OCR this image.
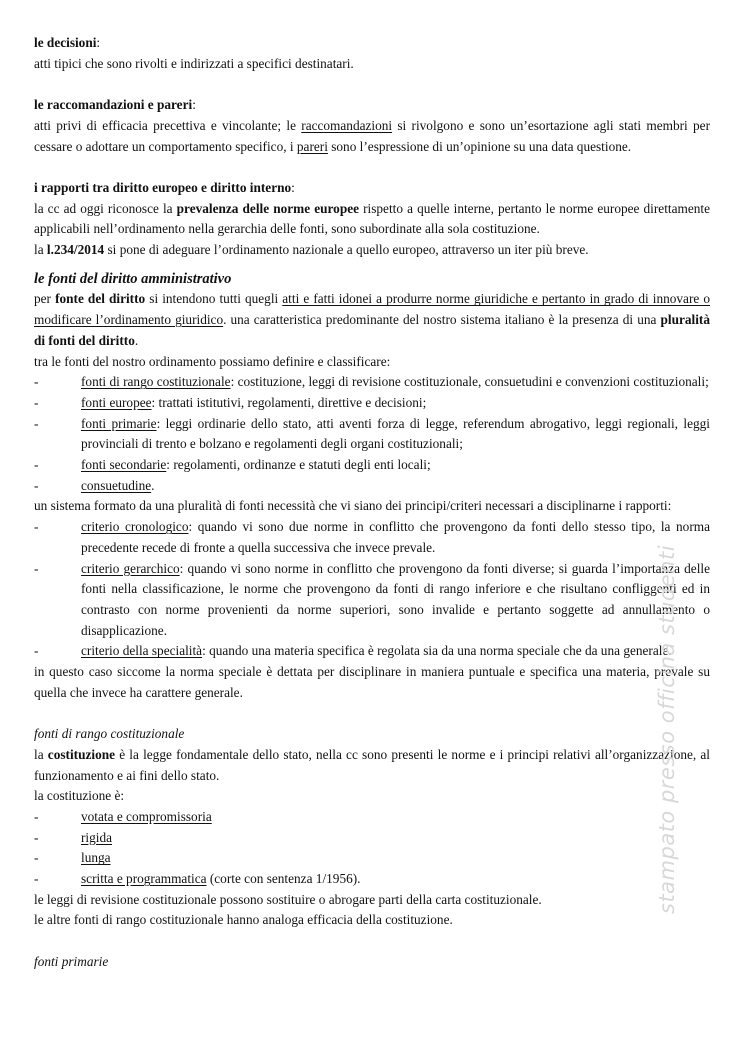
le decisioni:

atti tipici che sono rivolti e indirizzati a specifici destinatari.

le raccomandazioni e pareri:

atti privi di efficacia precettiva e vincolante; le raccomandazioni si rivolgono e sono un’esortazione agli stati membri per cessare o adottare un comportamento specifico, i pareri sono l’espressione di un’opinione su una data questione.

i rapporti tra diritto europeo e diritto interno:

la cc ad oggi riconosce la prevalenza delle norme europee rispetto a quelle interne, pertanto le norme europee direttamente applicabili nell’ordinamento nella gerarchia delle fonti, sono subordinate alla sola costituzione.

la l.234/2014 si pone di adeguare l’ordinamento nazionale a quello europeo, attraverso un iter più breve.

le fonti del diritto amministrativo

per fonte del diritto si intendono tutti quegli atti e fatti idonei a produrre norme giuridiche e pertanto in grado di innovare o modificare l’ordinamento giuridico. una caratteristica predominante del nostro sistema italiano è la presenza di una pluralità di fonti del diritto.

tra le fonti del nostro ordinamento possiamo definire e classificare:

-	fonti di rango costituzionale: costituzione, leggi di revisione costituzionale, consuetudini e convenzioni costituzionali;
-	fonti europee: trattati istitutivi, regolamenti, direttive e decisioni;
-	fonti primarie: leggi ordinarie dello stato, atti aventi forza di legge, referendum abrogativo, leggi regionali, leggi provinciali di trento e bolzano e regolamenti degli organi costituzionali;
-	fonti secondarie: regolamenti, ordinanze e statuti degli enti locali;
-	consuetudine.

un sistema formato da una pluralità di fonti necessità che vi siano dei principi/criteri necessari a disciplinarne i rapporti:

-	criterio cronologico: quando vi sono due norme in conflitto che provengono da fonti dello stesso tipo, la norma precedente recede di fronte a quella successiva che invece prevale.
-	criterio gerarchico: quando vi sono norme in conflitto che provengono da fonti diverse; si guarda l’importanza delle fonti nella classificazione, le norme che provengono da fonti di rango inferiore e che risultano confliggenti ed in contrasto con norme provenienti da norme superiori, sono invalide e pertanto soggette ad annullamento o disapplicazione.
-	criterio della specialità: quando una materia specifica è regolata sia da una norma speciale che da una generale.

in questo caso siccome la norma speciale è dettata per disciplinare in maniera puntuale e specifica una materia, prevale su quella che invece ha carattere generale.

fonti di rango costituzionale

la costituzione è la legge fondamentale dello stato, nella cc sono presenti le norme e i principi relativi all’organizzazione, al funzionamento e ai fini dello stato.

la costituzione è:

-	votata e compromissoria
-	rigida
-	lunga
-	scritta e programmatica (corte con sentenza 1/1956).

le leggi di revisione costituzionale possono sostituire o abrogare parti della carta costituzionale.

le altre fonti di rango costituzionale hanno analoga efficacia della costituzione.

fonti primarie

stampato presso officina studenti
